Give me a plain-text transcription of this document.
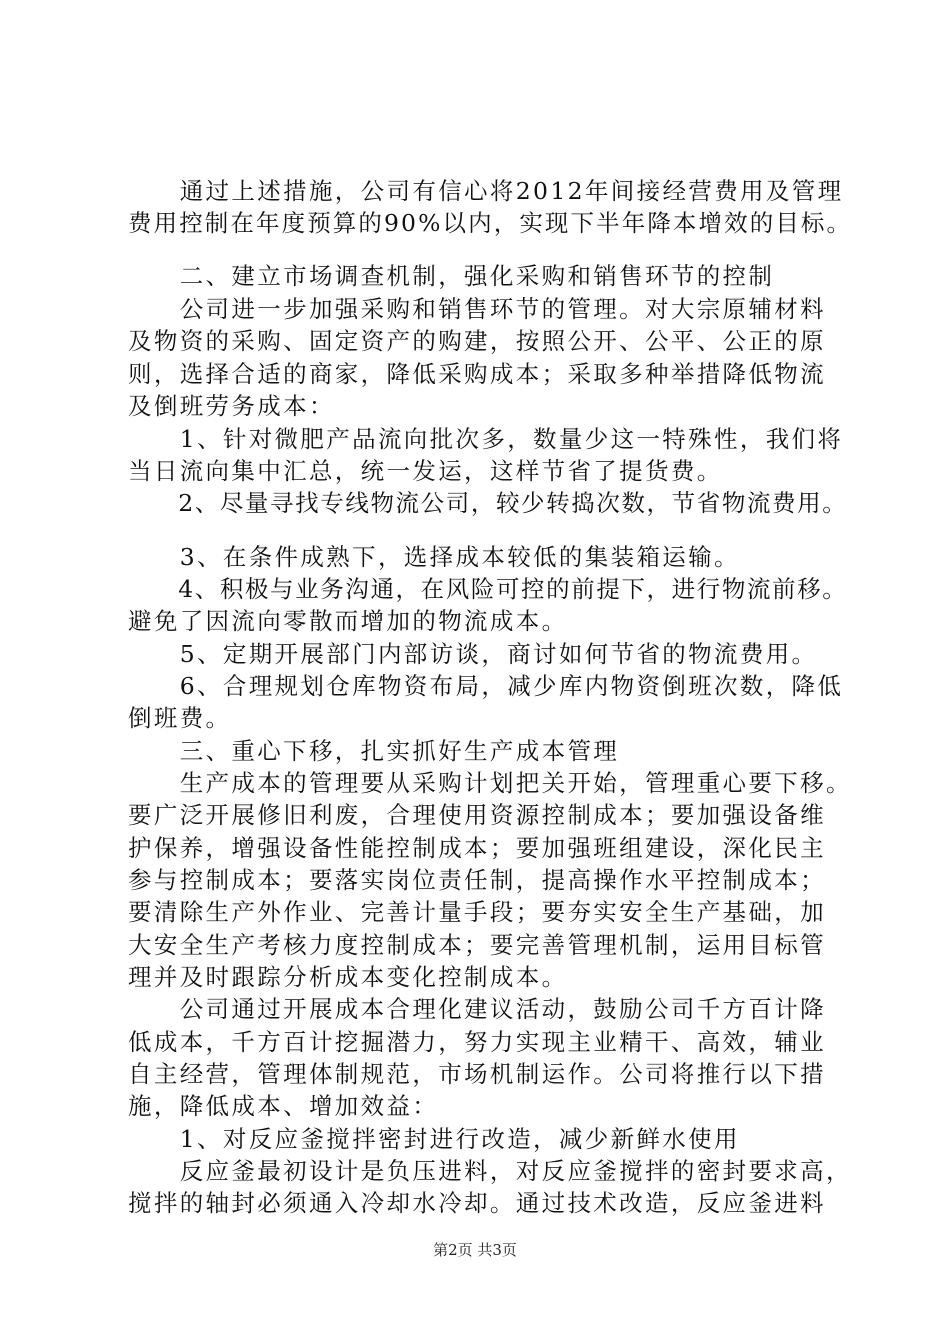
　　通过上述措施，公司有信心将2012年间接经营费用及管理
费用控制在年度预算的90%以内，实现下半年降本增效的目标。
　　二、建立市场调查机制，强化采购和销售环节的控制
　　公司进一步加强采购和销售环节的管理。对大宗原辅材料
及物资的采购、固定资产的购建，按照公开、公平、公正的原
则，选择合适的商家，降低采购成本；采取多种举措降低物流
及倒班劳务成本：
　　1、针对微肥产品流向批次多，数量少这一特殊性，我们将
当日流向集中汇总，统一发运，这样节省了提货费。
　　2、尽量寻找专线物流公司，较少转捣次数，节省物流费用。
　　3、在条件成熟下，选择成本较低的集装箱运输。
　　4、积极与业务沟通，在风险可控的前提下，进行物流前移。
避免了因流向零散而增加的物流成本。
　　5、定期开展部门内部访谈，商讨如何节省的物流费用。
　　6、合理规划仓库物资布局，减少库内物资倒班次数，降低
倒班费。
　　三、重心下移，扎实抓好生产成本管理
　　生产成本的管理要从采购计划把关开始，管理重心要下移。
要广泛开展修旧利废，合理使用资源控制成本；要加强设备维
护保养，增强设备性能控制成本；要加强班组建设，深化民主
参与控制成本；要落实岗位责任制，提高操作水平控制成本；
要清除生产外作业、完善计量手段；要夯实安全生产基础，加
大安全生产考核力度控制成本；要完善管理机制，运用目标管
理并及时跟踪分析成本变化控制成本。
　　公司通过开展成本合理化建议活动，鼓励公司千方百计降
低成本，千方百计挖掘潜力，努力实现主业精干、高效，辅业
自主经营，管理体制规范，市场机制运作。公司将推行以下措
施，降低成本、增加效益：
　　1、对反应釜搅拌密封进行改造，减少新鲜水使用
　　反应釜最初设计是负压进料，对反应釜搅拌的密封要求高，
搅拌的轴封必须通入冷却水冷却。通过技术改造，反应釜进料
第2页 共3页
